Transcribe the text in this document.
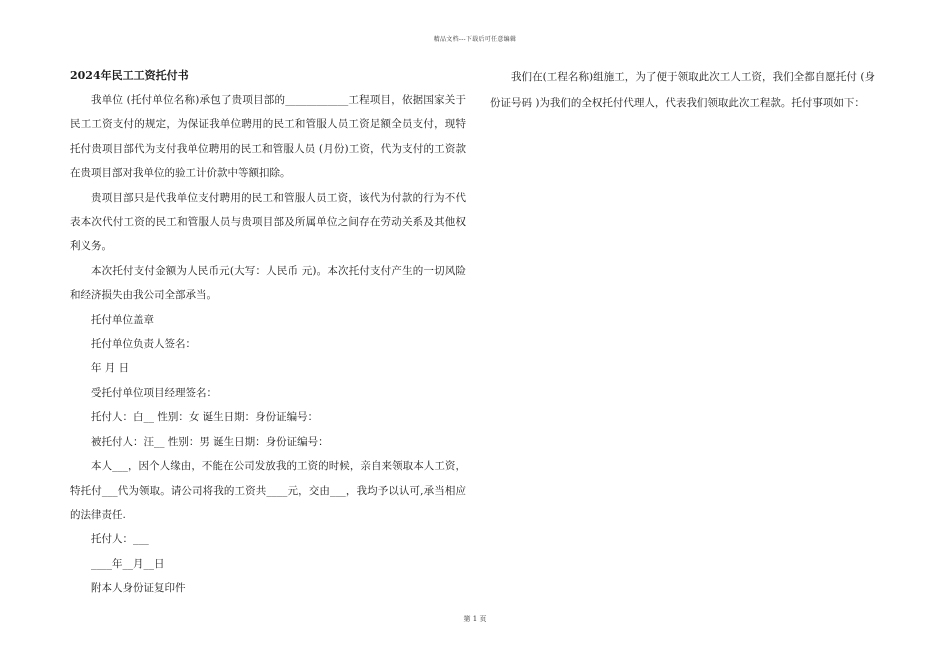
精品文档---下载后可任意编辑

2024年民工工资托付书

我单位 (托付单位名称)承包了贵项目部的____________工程项目，依据国家关于民工工资支付的规定，为保证我单位聘用的民工和管服人员工资足额全员支付，现特托付贵项目部代为支付我单位聘用的民工和管服人员 (月份)工资，代为支付的工资款在贵项目部对我单位的验工计价款中等额扣除。

贵项目部只是代我单位支付聘用的民工和管服人员工资，该代为付款的行为不代表本次代付工资的民工和管服人员与贵项目部及所属单位之间存在劳动关系及其他权利义务。

本次托付支付金额为人民币元(大写：人民币 元)。本次托付支付产生的一切风险和经济损失由我公司全部承当。

托付单位盖章

托付单位负责人签名：

年 月 日

受托付单位项目经理签名：

托付人：白__ 性别：女 诞生日期：身份证编号：

被托付人：汪__ 性别：男 诞生日期：身份证编号：

本人___，因个人缘由，不能在公司发放我的工资的时候，亲自来领取本人工资，特托付___代为领取。请公司将我的工资共____元，交由___，我均予以认可,承当相应的法律责任.

托付人：___

____年__月__日

附本人身份证复印件

我们在(工程名称)组施工，为了便于领取此次工人工资，我们全都自愿托付 (身份证号码 )为我们的全权托付代理人，代表我们领取此次工程款。托付事项如下：

第 1 页
